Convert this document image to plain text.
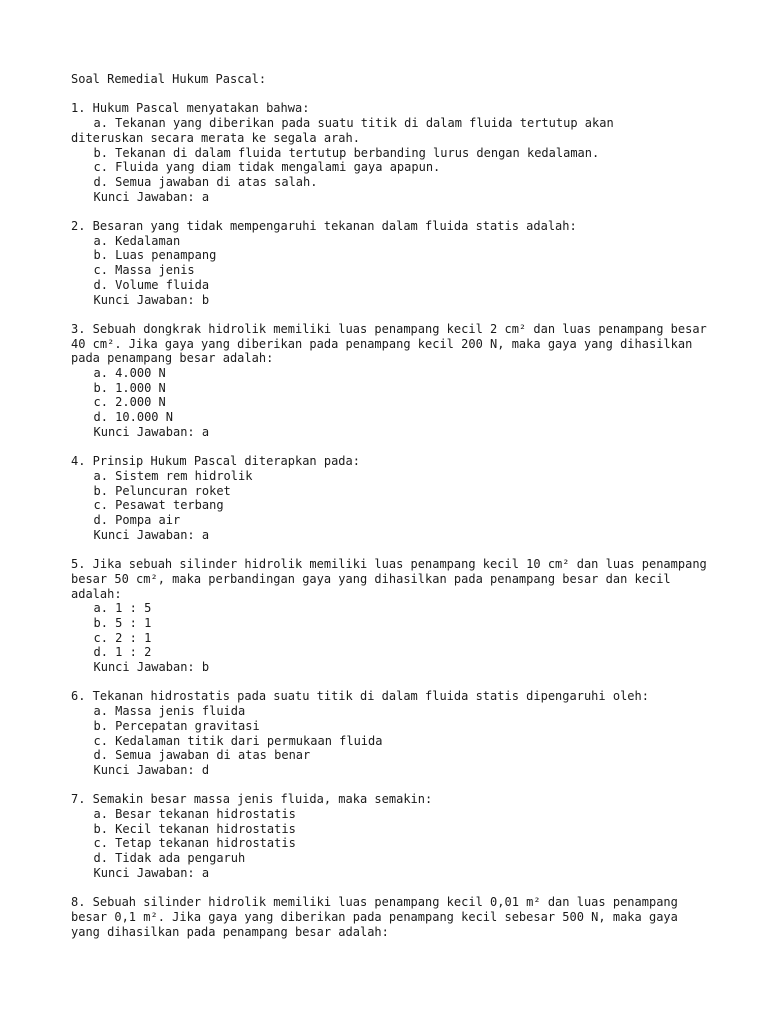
Soal Remedial Hukum Pascal:
1. Hukum Pascal menyatakan bahwa:
a. Tekanan yang diberikan pada suatu titik di dalam fluida tertutup akan
diteruskan secara merata ke segala arah.
b. Tekanan di dalam fluida tertutup berbanding lurus dengan kedalaman.
c. Fluida yang diam tidak mengalami gaya apapun.
d. Semua jawaban di atas salah.
Kunci Jawaban: a
2. Besaran yang tidak mempengaruhi tekanan dalam fluida statis adalah:
a. Kedalaman
b. Luas penampang
c. Massa jenis
d. Volume fluida
Kunci Jawaban: b
3. Sebuah dongkrak hidrolik memiliki luas penampang kecil 2 cm² dan luas penampang besar 40 cm². Jika gaya yang diberikan pada penampang kecil 200 N, maka gaya yang dihasilkan pada penampang besar adalah:
a. 4.000 N
b. 1.000 N
c. 2.000 N
d. 10.000 N
Kunci Jawaban: a
4. Prinsip Hukum Pascal diterapkan pada:
a. Sistem rem hidrolik
b. Peluncuran roket
c. Pesawat terbang
d. Pompa air
Kunci Jawaban: a
5. Jika sebuah silinder hidrolik memiliki luas penampang kecil 10 cm² dan luas penampang besar 50 cm², maka perbandingan gaya yang dihasilkan pada penampang besar dan kecil adalah:
a. 1 : 5
b. 5 : 1
c. 2 : 1
d. 1 : 2
Kunci Jawaban: b
6. Tekanan hidrostatis pada suatu titik di dalam fluida statis dipengaruhi oleh:
a. Massa jenis fluida
b. Percepatan gravitasi
c. Kedalaman titik dari permukaan fluida
d. Semua jawaban di atas benar
Kunci Jawaban: d
7. Semakin besar massa jenis fluida, maka semakin:
a. Besar tekanan hidrostatis
b. Kecil tekanan hidrostatis
c. Tetap tekanan hidrostatis
d. Tidak ada pengaruh
Kunci Jawaban: a
8. Sebuah silinder hidrolik memiliki luas penampang kecil 0,01 m² dan luas penampang besar 0,1 m². Jika gaya yang diberikan pada penampang kecil sebesar 500 N, maka gaya yang dihasilkan pada penampang besar adalah:
